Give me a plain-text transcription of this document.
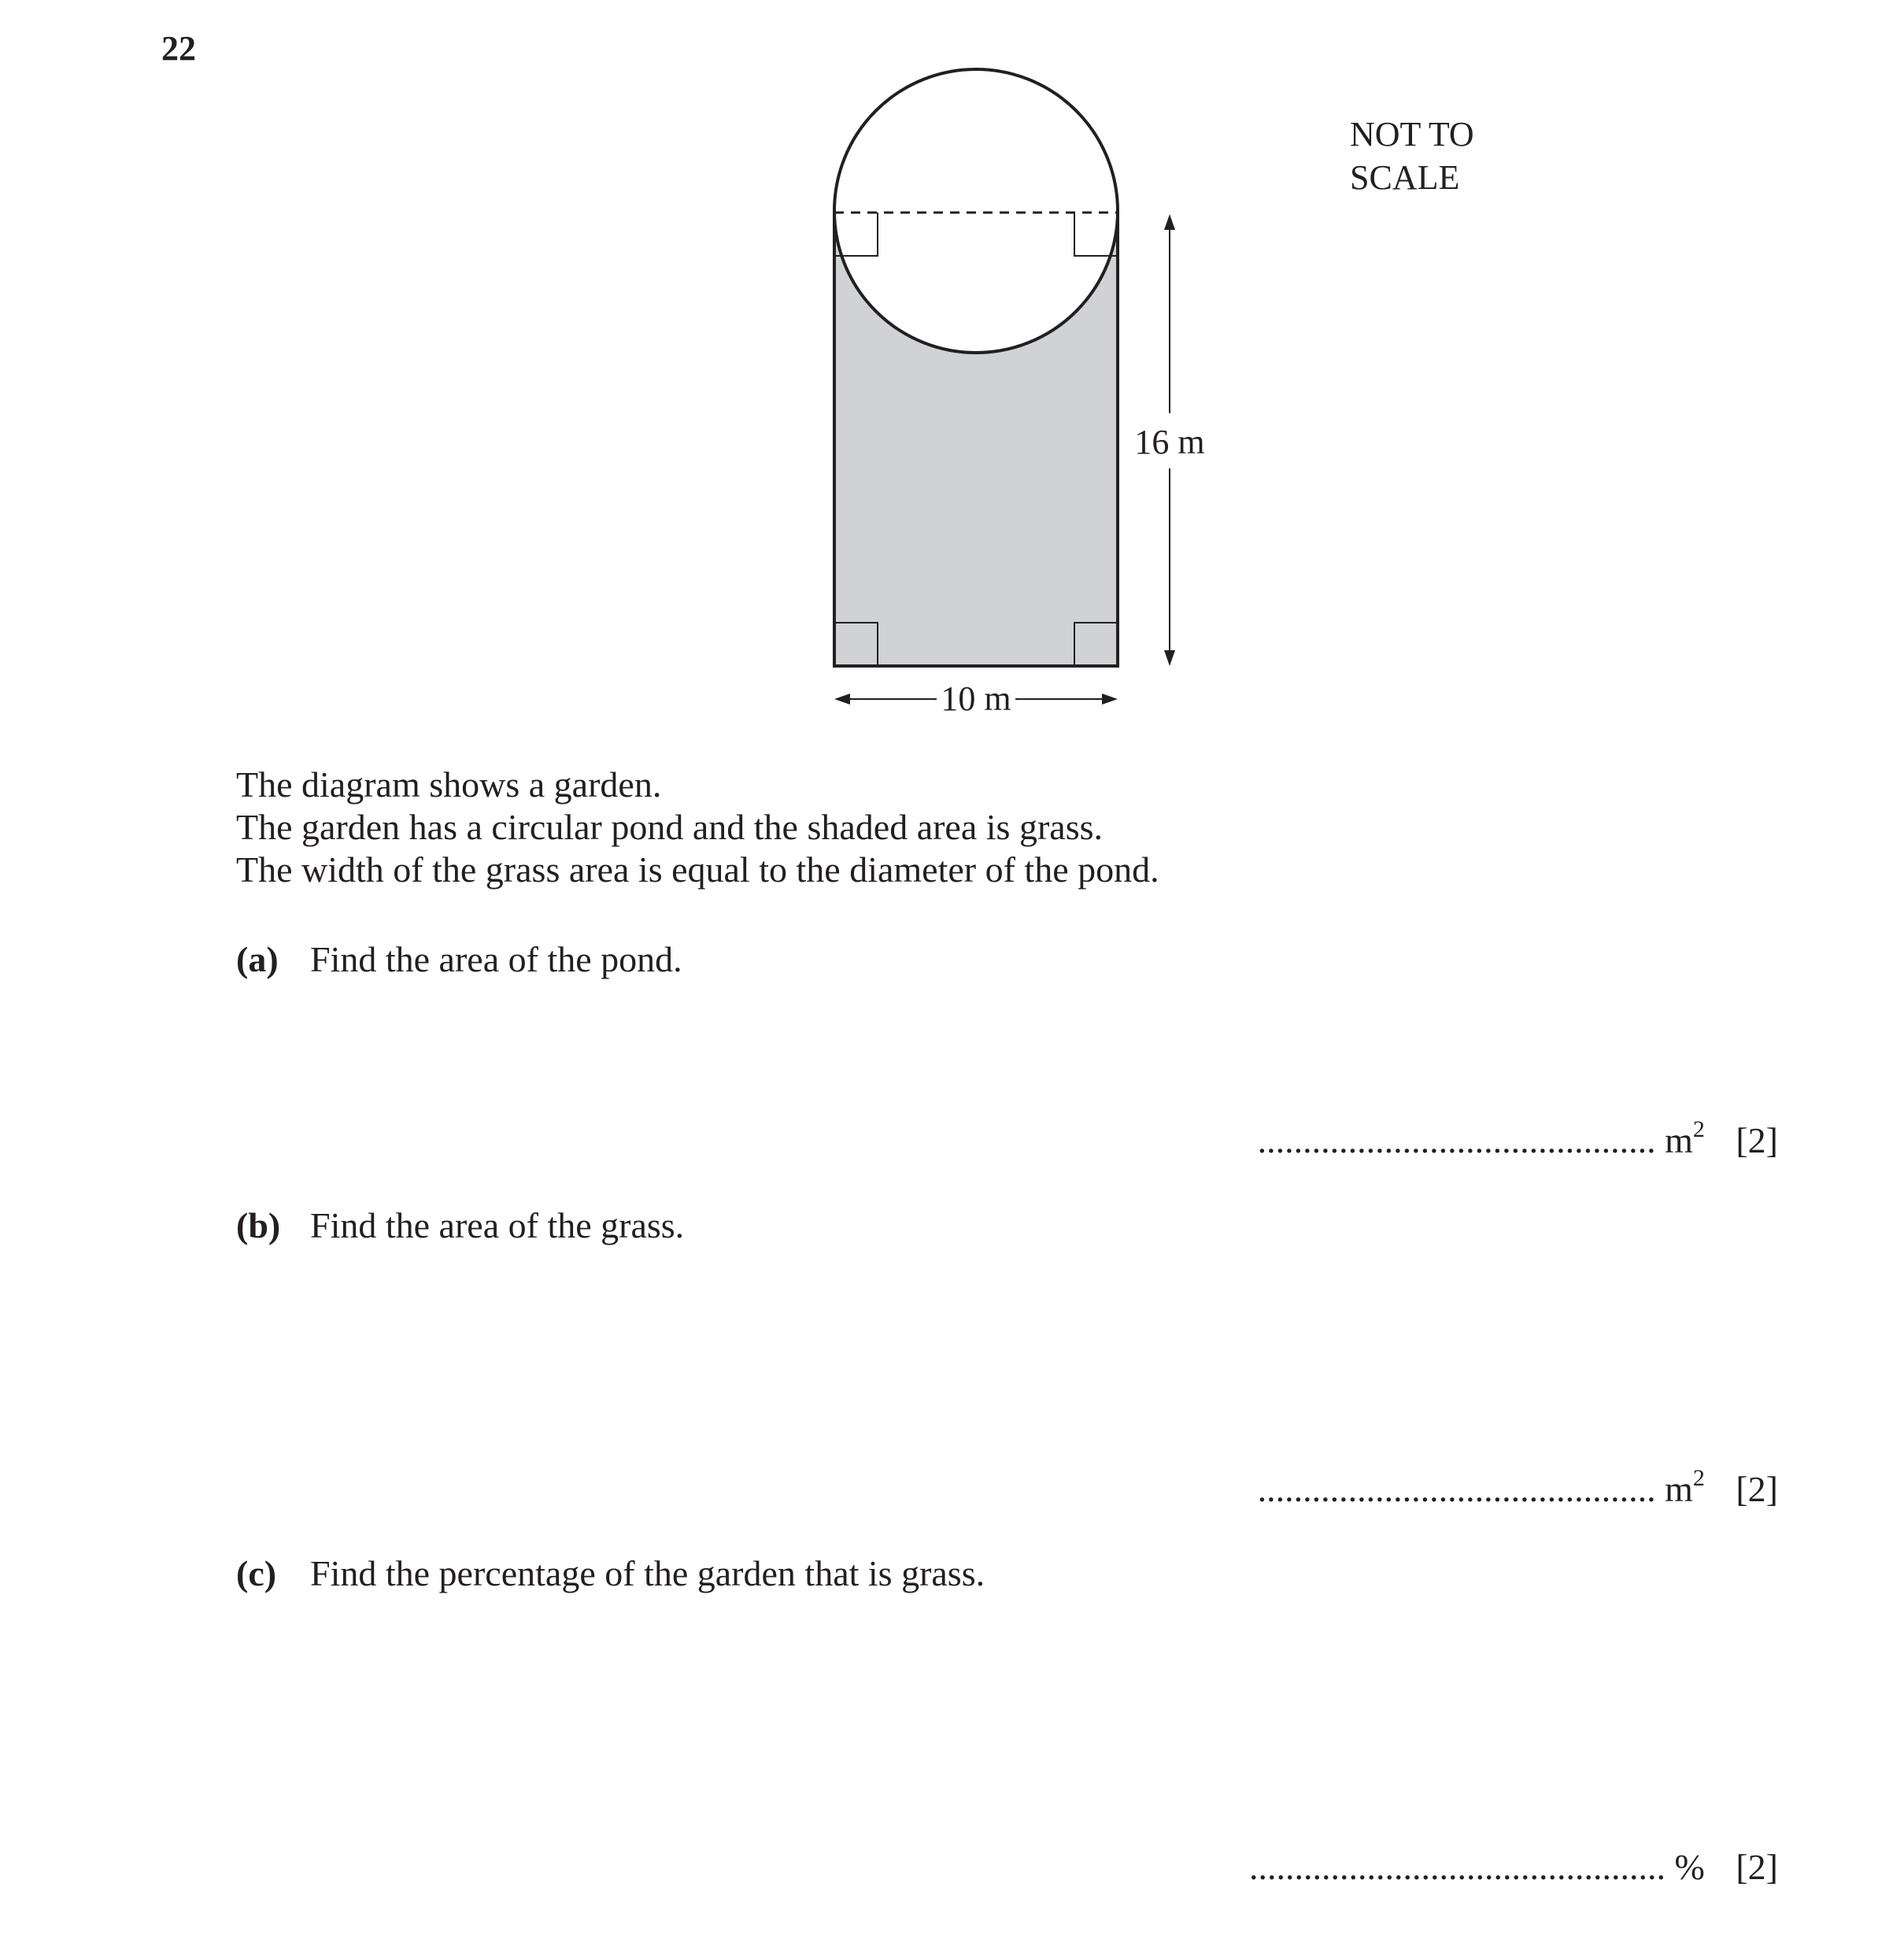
22
16 m
10 m
NOT TO
SCALE
The diagram shows a garden.
The garden has a circular pond and the shaded area is grass.
The width of the grass area is equal to the diameter of the pond.
(a) Find the area of the pond.
............................................ $m^2$ [2]
(b) Find the area of the grass.
............................................ $m^2$ [2]
(c) Find the percentage of the garden that is grass.
.............................................. % [2]
